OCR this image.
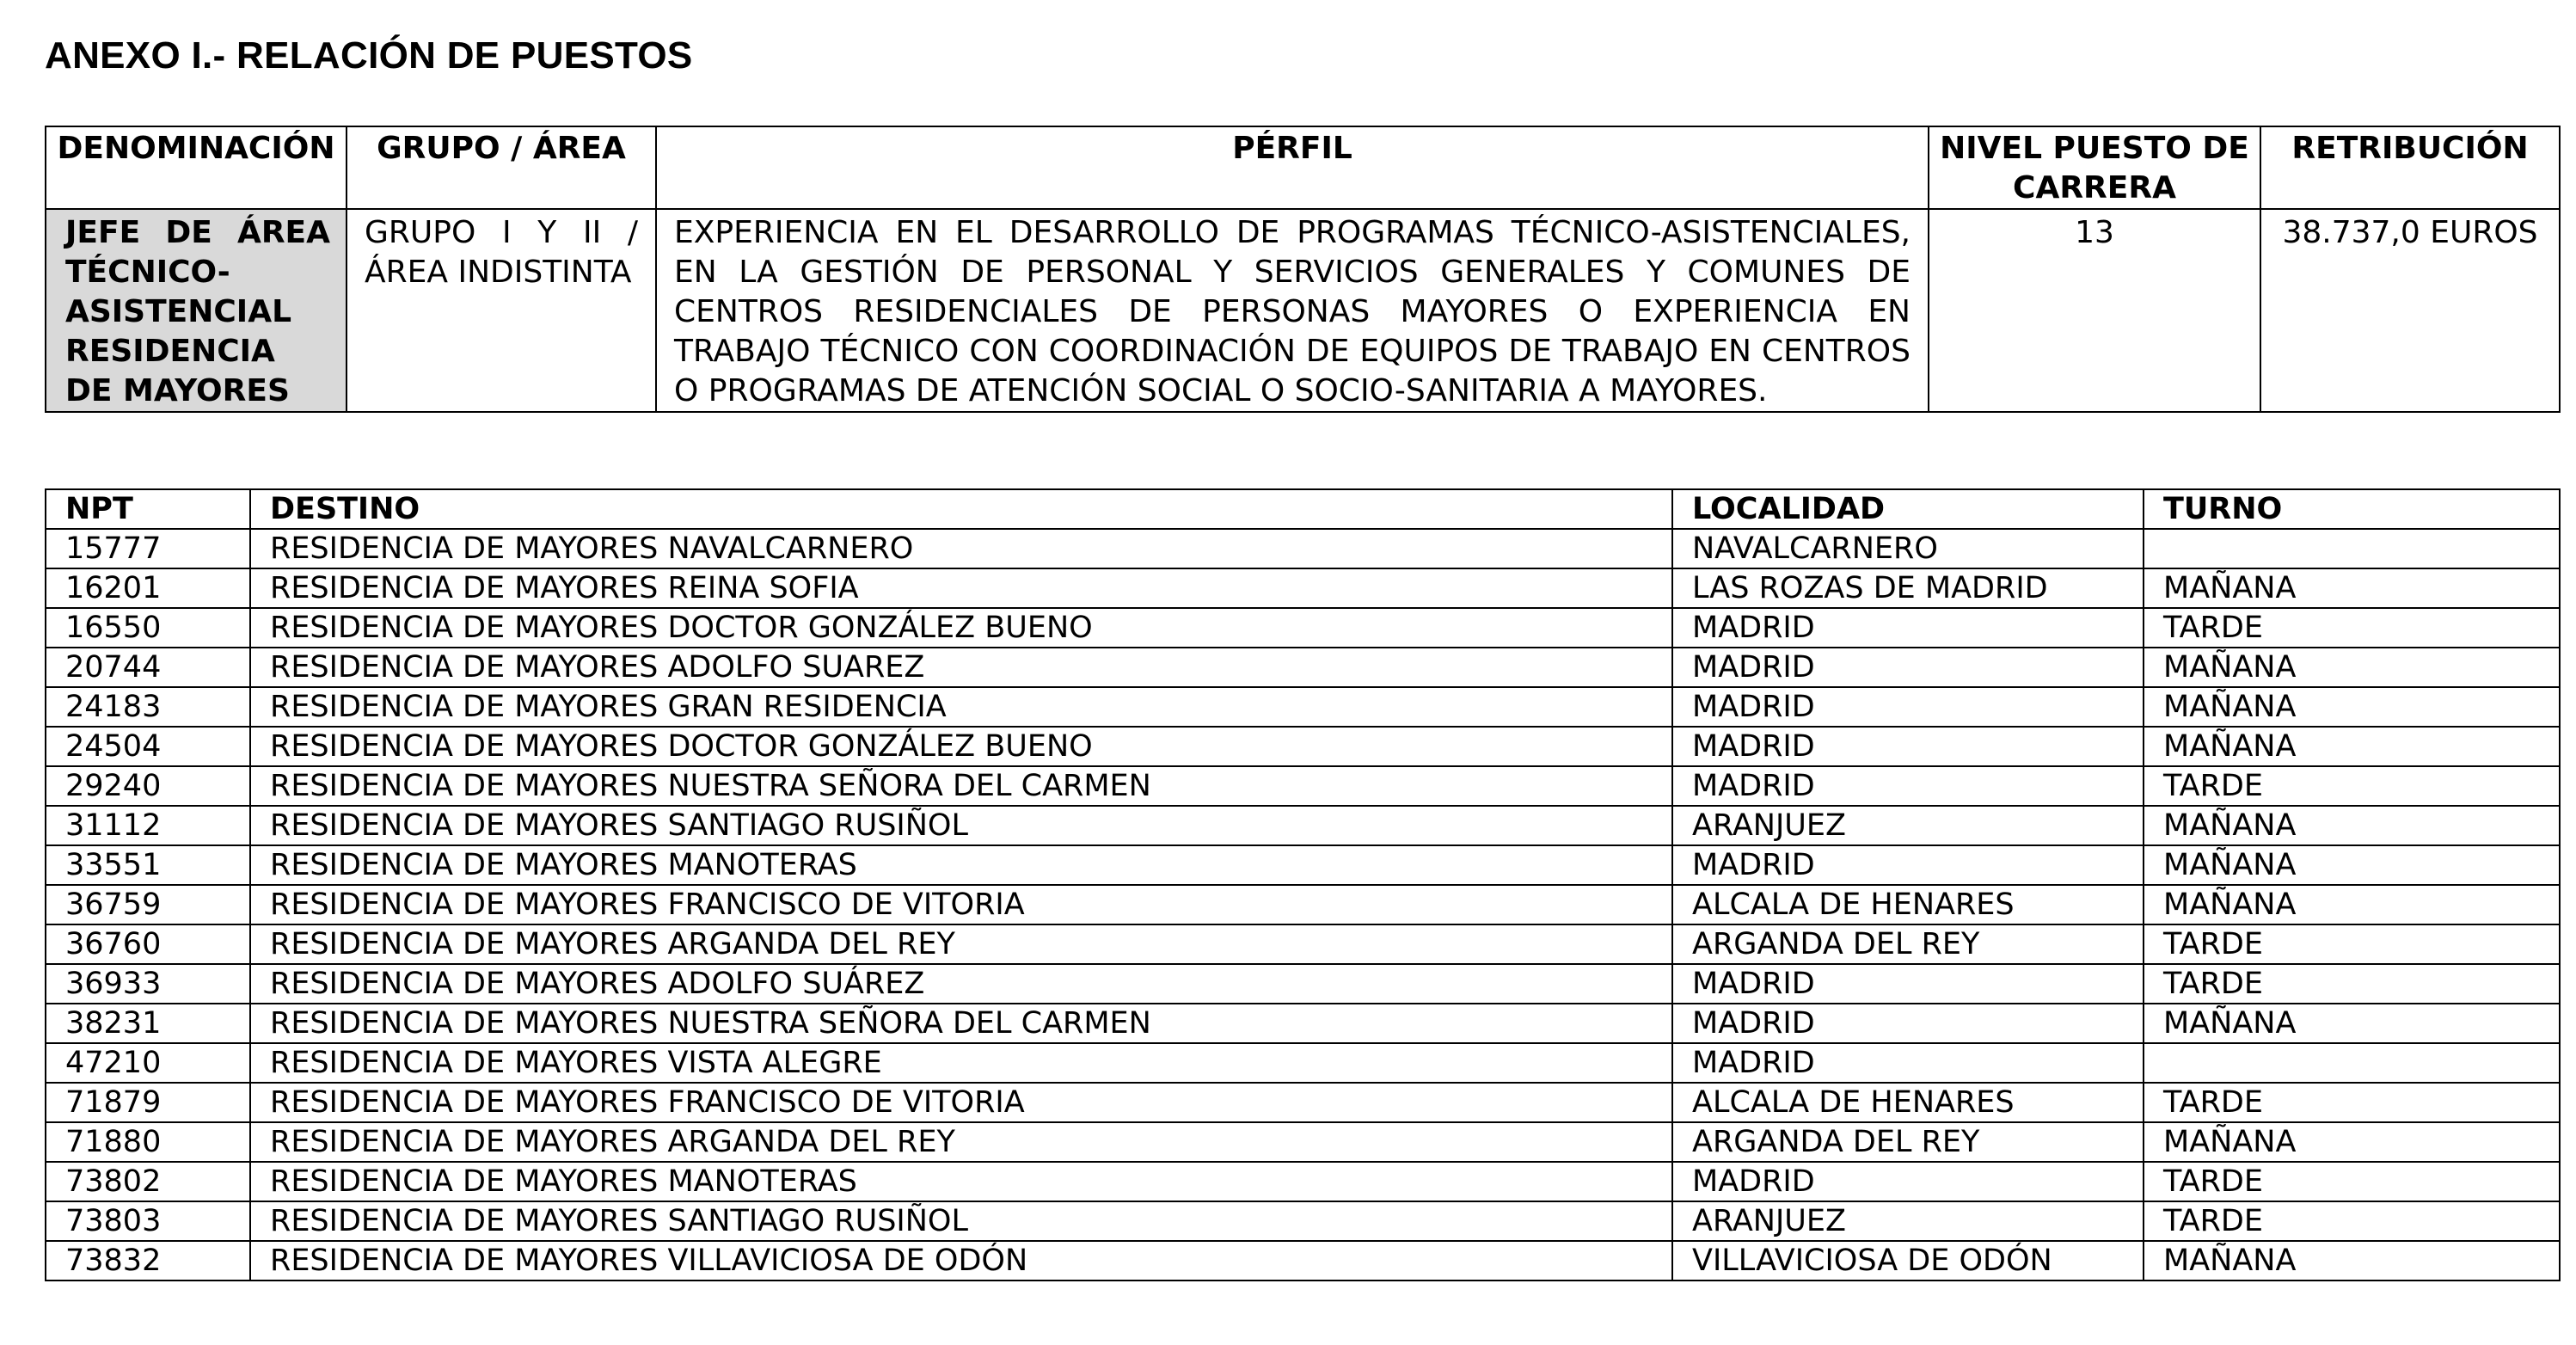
ANEXO I.- RELACIÓN DE PUESTOS
DENOMINACIÓN	GRUPO / ÁREA	PÉRFIL	NIVEL PUESTO DE CARRERA	RETRIBUCIÓN
JEFE DE ÁREA TÉCNICO-ASISTENCIAL RESIDENCIA DE MAYORES	GRUPO I Y II / ÁREA INDISTINTA	EXPERIENCIA EN EL DESARROLLO DE PROGRAMAS TÉCNICO-ASISTENCIALES, EN LA GESTIÓN DE PERSONAL Y SERVICIOS GENERALES Y COMUNES DE CENTROS RESIDENCIALES DE PERSONAS MAYORES O EXPERIENCIA EN TRABAJO TÉCNICO CON COORDINACIÓN DE EQUIPOS DE TRABAJO EN CENTROS O PROGRAMAS DE ATENCIÓN SOCIAL O SOCIO-SANITARIA A MAYORES.	13	38.737,0 EUROS
NPT	DESTINO	LOCALIDAD	TURNO
15777	RESIDENCIA DE MAYORES NAVALCARNERO	NAVALCARNERO	
16201	RESIDENCIA DE MAYORES REINA SOFIA	LAS ROZAS DE MADRID	MAÑANA
16550	RESIDENCIA DE MAYORES DOCTOR GONZÁLEZ BUENO	MADRID	TARDE
20744	RESIDENCIA DE MAYORES ADOLFO SUAREZ	MADRID	MAÑANA
24183	RESIDENCIA DE MAYORES GRAN RESIDENCIA	MADRID	MAÑANA
24504	RESIDENCIA DE MAYORES DOCTOR GONZÁLEZ BUENO	MADRID	MAÑANA
29240	RESIDENCIA DE MAYORES NUESTRA SEÑORA DEL CARMEN	MADRID	TARDE
31112	RESIDENCIA DE MAYORES SANTIAGO RUSIÑOL	ARANJUEZ	MAÑANA
33551	RESIDENCIA DE MAYORES MANOTERAS	MADRID	MAÑANA
36759	RESIDENCIA DE MAYORES FRANCISCO DE VITORIA	ALCALA DE HENARES	MAÑANA
36760	RESIDENCIA DE MAYORES ARGANDA DEL REY	ARGANDA DEL REY	TARDE
36933	RESIDENCIA DE MAYORES ADOLFO SUÁREZ	MADRID	TARDE
38231	RESIDENCIA DE MAYORES NUESTRA SEÑORA DEL CARMEN	MADRID	MAÑANA
47210	RESIDENCIA DE MAYORES VISTA ALEGRE	MADRID	
71879	RESIDENCIA DE MAYORES FRANCISCO DE VITORIA	ALCALA DE HENARES	TARDE
71880	RESIDENCIA DE MAYORES ARGANDA DEL REY	ARGANDA DEL REY	MAÑANA
73802	RESIDENCIA DE MAYORES MANOTERAS	MADRID	TARDE
73803	RESIDENCIA DE MAYORES SANTIAGO RUSIÑOL	ARANJUEZ	TARDE
73832	RESIDENCIA DE MAYORES VILLAVICIOSA DE ODÓN	VILLAVICIOSA DE ODÓN	MAÑANA
